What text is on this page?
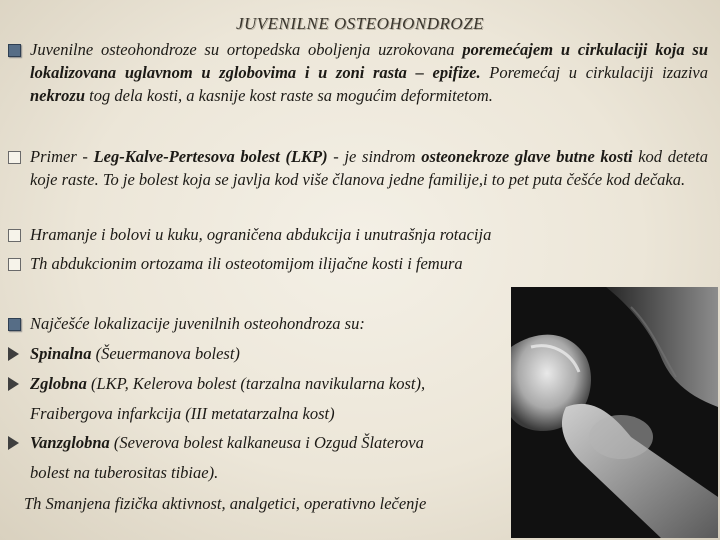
JUVENILNE OSTEOHONDROZE
Juvenilne osteohondroze su ortopedska oboljenja uzrokovana poremećajem u cirkulaciji koja su lokalizovana uglavnom u zglobovima i u zoni rasta – epifize. Poremećaj u cirkulaciji izaziva nekrozu tog dela kosti, a kasnije kost raste sa mogućim deformitetom.
Primer - Leg-Kalve-Pertesova bolest (LKP) - je sindrom osteonekroze glave butne kosti kod deteta koje raste. To je bolest koja se javlja kod više članova jedne familije,i to pet puta češće kod dečaka.
Hramanje i bolovi u kuku, ograničena abdukcija i unutrašnja rotacija
Th abdukcionim ortozama ili osteotomijom ilijačne kosti i femura
Najčešće lokalizacije juvenilnih osteohondroza su:
Spinalna (Šeuermanova bolest)
Zglobna (LKP, Kelerova bolest (tarzalna navikularna kost),
Fraibergova infarkcija (III metatarzalna kost)
Vanzglobna (Severova bolest kalkaneusa i Ozgud Šlaterova
bolest na tuberositas tibiae).
Th Smanjena fizička aktivnost, analgetici, operativno lečenje
